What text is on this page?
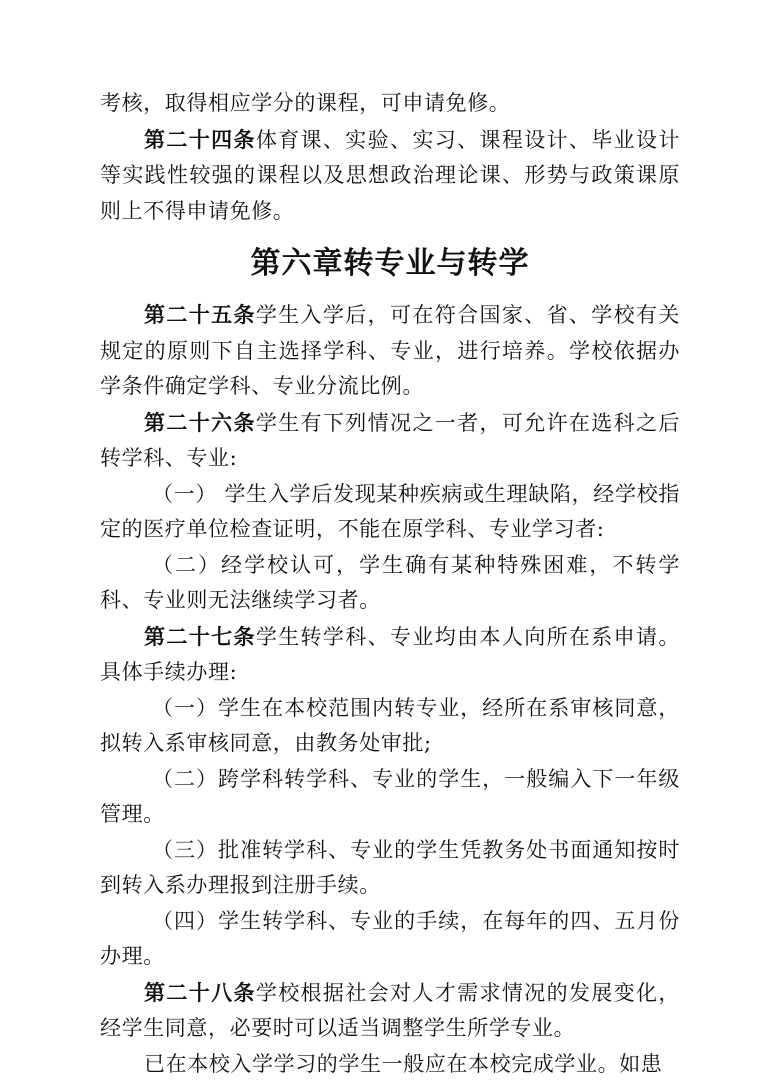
考核，取得相应学分的课程，可申请免修。

第二十四条体育课、实验、实习、课程设计、毕业设计等实践性较强的课程以及思想政治理论课、形势与政策课原则上不得申请免修。

第六章转专业与转学

第二十五条学生入学后，可在符合国家、省、学校有关规定的原则下自主选择学科、专业，进行培养。学校依据办学条件确定学科、专业分流比例。

第二十六条学生有下列情况之一者，可允许在选科之后转学科、专业:

（一） 学生入学后发现某种疾病或生理缺陷，经学校指定的医疗单位检查证明，不能在原学科、专业学习者:

（二）经学校认可，学生确有某种特殊困难，不转学科、专业则无法继续学习者。

第二十七条学生转学科、专业均由本人向所在系申请。具体手续办理:

（一）学生在本校范围内转专业，经所在系审核同意，拟转入系审核同意，由教务处审批;

（二）跨学科转学科、专业的学生，一般编入下一年级管理。

（三）批准转学科、专业的学生凭教务处书面通知按时到转入系办理报到注册手续。

（四）学生转学科、专业的手续，在每年的四、五月份办理。

第二十八条学校根据社会对人才需求情况的发展变化，经学生同意，必要时可以适当调整学生所学专业。

已在本校入学学习的学生一般应在本校完成学业。如患
